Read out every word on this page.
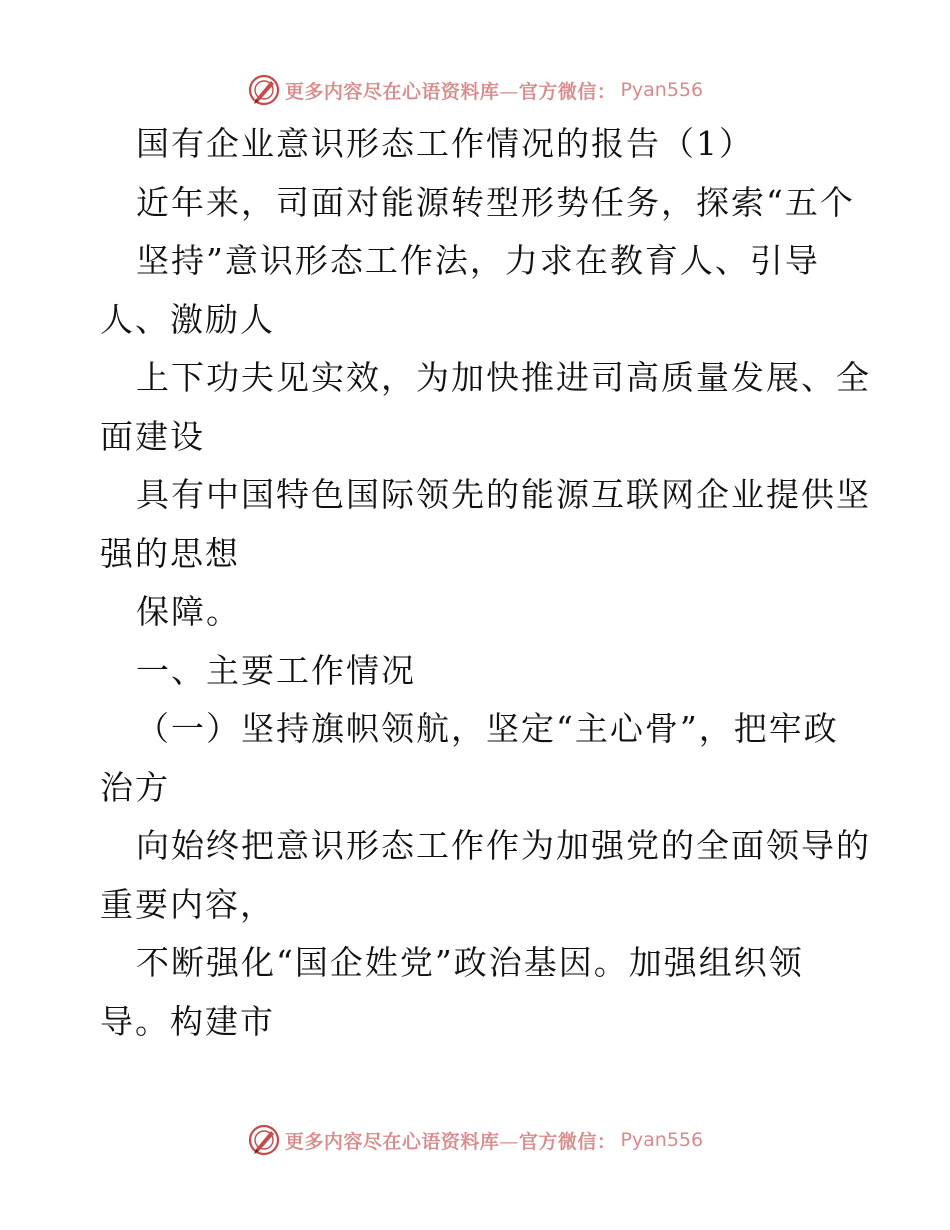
更多内容尽在心语资料库—官方微信： Pyan556
国有企业意识形态工作情况的报告（1）
近年来，司面对能源转型形势任务，探索“五个
坚持”意识形态工作法，力求在教育人、引导
人、激励人
上下功夫见实效，为加快推进司高质量发展、全
面建设
具有中国特色国际领先的能源互联网企业提供坚
强的思想
保障。
一、主要工作情况
（一）坚持旗帜领航，坚定“主心骨”，把牢政
治方
向始终把意识形态工作作为加强党的全面领导的
重要内容，
不断强化“国企姓党”政治基因。加强组织领
导。构建市
更多内容尽在心语资料库—官方微信： Pyan556
